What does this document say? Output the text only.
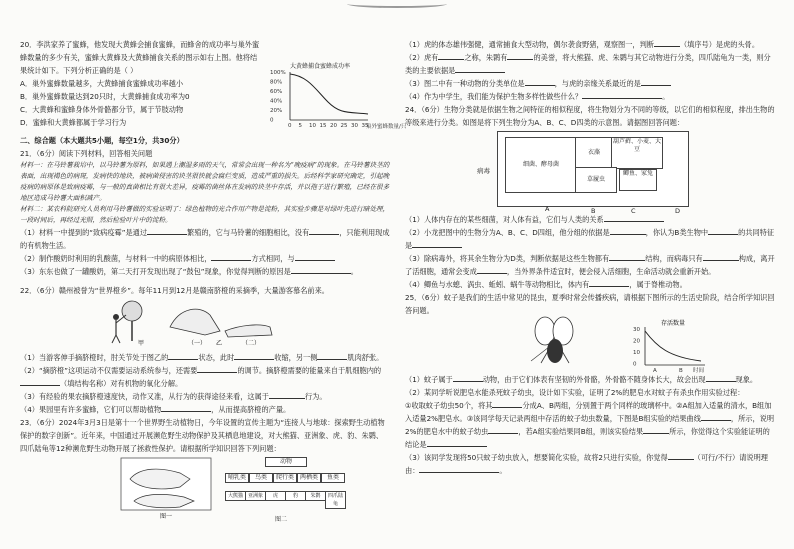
20．李洪家养了蜜蜂，他发现大黄蜂会捕食蜜蜂，而蜂舍的成功率与巢外蜜蜂数量的多少有关，蜜蜂大黄蜂及大黄蜂捕食关系的图示如右上图。他将结果统计如下。下列分析正确的是（ ）

A．巢外蜜蜂数量越多，大黄蜂捕食蜜蜂成功率越小

B．巢外蜜蜂数量达到20只时，大黄蜂捕食成功率为0

C．大黄蜂和蜜蜂身体外骨骼都分节，属于节肢动物

D．蜜蜂和大黄蜂都属于学习行为

大黄蜂捕食蜜蜂成功率
100%
80%
60%
40%
20%
0
0 5 10 15 20 25 30 35
巢外蜜蜂数量/只

二、综合题（本大题共5小题，每空1分，共30分）

21．（6分）阅读下列材料，回答相关问题

材料一：在马铃薯栽培中，以马铃薯为原料，如果遇上潮湿多雨的天气，常常会出现一种名为“晚疫病”的现象。在马铃薯块茎的表面，出现褐色的病斑，发病快的地块，被病菌侵害的块茎很快就会腐烂变质，造成严重的损失。后经科学家研究确定，引起晚疫病的病原体是致病疫霉，与一般的真菌相比有很大差异，疫霉的菌丝体在发病的块茎中存活，并以孢子进行繁殖，已经在很多地区造成马铃薯大面积减产。

材料二：某农科院研究人员利用马铃薯做的实验证明了：绿色植物的光合作用产物是淀粉，其实验步骤是对绿叶先进行暗处理，一段时间后，再经过光照，然后检验叶片中的淀粉。

（1）材料一中提到的“致病疫霉”是通过	繁殖的，它与马铃薯的细胞相比，没有	，只能利用现成的有机物生活。

（2）制作酸奶时利用的乳酸菌，与材料一中的病原体相比，	方式相同，与

（3）东东也做了一罐酸奶，第二天打开发现出现了“鼓包”现象，你觉得判断的原因是	。

22．（6分）赣州被誉为“世界橙乡”。每年11月到12月是赣南脐橙的采摘季，大量游客慕名前来。

甲	（一）	（二）
乙

（1）当游客伸手摘脐橙时，肘关节处于图乙的	状态，此时	收缩，另一侧	肌肉舒张。

（2）“摘脐橙”这项运动不仅需要运动系统参与，还需要	的调节。摘脐橙需要的能量来自于肌细胞内的（填结构名称）对有机物的氧化分解。

（3）有经验的果农摘脐橙速度快，动作又准，从行为的获得途径来看，这属于	行为。

（4）果园里有许多蜜蜂，它们可以帮助植物	，从而提高脐橙的产量。

23．（6分）2024年3月3日是第十一个世界野生动植物日，今年设置的宣传主题为“连接人与地球：探索野生动植物保护的数字创新”。近年来，中国通过开展濒危野生动物保护及其栖息地建设，对大熊猫、亚洲象、虎、豹、朱鹮、四爪陆龟等12种濒危野生动物开展了拯救性保护。请根据所学知识回答下列问题：

图一
动物
哺乳类	鸟类	爬行类 两栖类	鱼类
大熊猫 亚洲象	虎	豹	朱鹮	四爪陆龟
图二

（1）虎的体态雄伟强健，通常捕食大型动物，偶尔袭食野猪，观察图一，判断	（填序号）是虎的头骨。

（2）虎有	之称，朱鹮有	的美誉，将大熊猫、虎、朱鹮与其它动物进行分类，四爪陆龟为一类，则分类的主要依据是

（3）图二中有一种动物的分类单位是	，与虎的亲缘关系最近的是

（4）作为中学生，我们能为保护生物多样性做些什么？	。

24．（6分）生物分类就是依据生物之间特征的相似程度，将生物划分为不同的等级，以它们的相似程度，排出生物的等级来进行分类。如图是将下列生物分为A、B、C、D四类的示意图。请据图回答问题：

病毒
细菌、酵母菌
衣藻
葫芦藓、小麦、大豆
草履虫
鲫鱼、家兔
A	B	C	D

（1）人体内存在的某些细菌，对人体有益，它们与人类的关系

（2）小龙把图中的生物分为A、B、C、D四组，他分组的依据是	，你认为B类生物中	的共同特征是

（3）除病毒外，将其余生物分为D类，判断依据是这些生物都有	结构，而病毒只有	构成，离开了活细胞，通常会变成	，当外界条件适宜时，便会侵入活细胞，生命活动就会重新开始。

（4）鲫鱼与水螅、涡虫、蚯蚓、蜗牛等动物相比，体内有	，属于脊椎动物。

25．（6分）蚊子是我们的生活中常见的昆虫，夏季时常会传播疾病，请根据下图所示的生活史阶段，结合所学知识回答问题。

存活数量
30
20
10
0
时间
A	B

（1）蚊子属于	动物，由于它们体表有坚韧的外骨骼，外骨骼不随身体长大，故会出现	现象。

（2）某同学听说肥皂水能杀死蚊子幼虫，设计如下实验，证明了2%的肥皂水对蚊子有杀虫作用实验过程：

①收取蚊子幼虫50个，将其	分成A、B两组，分别置于两个同样的玻璃杯中。②A组加入适量的清水，B组加入适量2%肥皂水。③该同学每天记录两组中存活的蚊子幼虫数量，下图是B组实验的结果曲线	，所示，说明2%的肥皂水中的蚊子幼虫	，若A组实验结果同B组，则该实验结果	所示，你觉得这个实验能证明的结论是

（3）该同学发现将50只蚊子幼虫放入，想要简化实验，故将2只进行实验，你觉得	（可行/不行）请说明理由：	。
